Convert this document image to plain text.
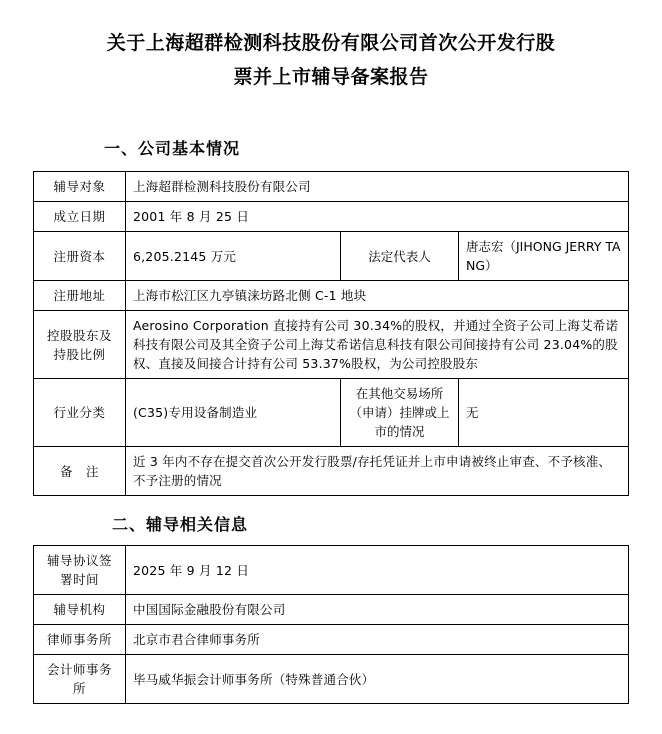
关于上海超群检测科技股份有限公司首次公开发行股
票并上市辅导备案报告
一、公司基本情况
辅导对象	上海超群检测科技股份有限公司		
成立日期	2001 年 8 月 25 日		
注册资本	6,205.2145 万元	法定代表人	唐志宏（JIHONG JERRY TANG）
注册地址	上海市松江区九亭镇涞坊路北侧 C-1 地块		
控股股东及持股比例	Aerosino Corporation 直接持有公司 30.34%的股权，并通过全资子公司上海艾希诺科技有限公司及其全资子公司上海艾希诺信息科技有限公司间接持有公司 23.04%的股权、直接及间接合计持有公司 53.37%股权，为公司控股股东		
行业分类	(C35)专用设备制造业	在其他交易场所（申请）挂牌或上市的情况	无
备　注	近 3 年内不存在提交首次公开发行股票/存托凭证并上市申请被终止审查、不予核准、不予注册的情况		
二、辅导相关信息
辅导协议签署时间	2025 年 9 月 12 日
辅导机构	中国国际金融股份有限公司
律师事务所	北京市君合律师事务所
会计师事务所	毕马威华振会计师事务所（特殊普通合伙）
